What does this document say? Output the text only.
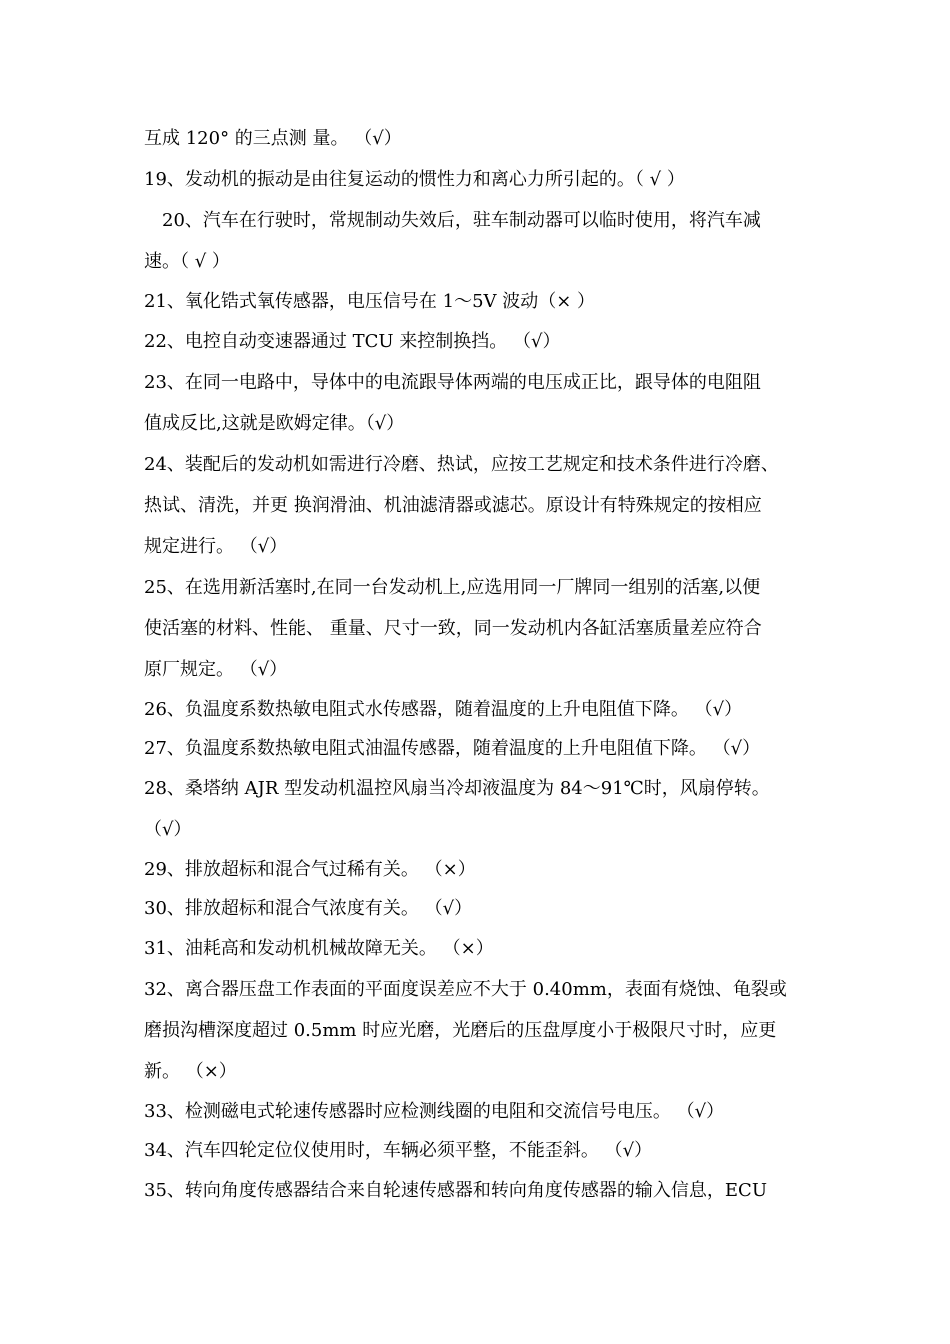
互成 120° 的三点测 量。 （√）
19、发动机的振动是由往复运动的惯性力和离心力所引起的。（ √ ）
20、汽车在行驶时，常规制动失效后，驻车制动器可以临时使用，将汽车减
速。（ √ ）
21、氧化锆式氧传感器，电压信号在 1～5V 波动（× ）
22、电控自动变速器通过 TCU 来控制换挡。 （√）
23、在同一电路中，导体中的电流跟导体两端的电压成正比，跟导体的电阻阻
值成反比,这就是欧姆定律。（√）
24、装配后的发动机如需进行冷磨、热试，应按工艺规定和技术条件进行冷磨、
热试、清洗，并更 换润滑油、机油滤清器或滤芯。原设计有特殊规定的按相应
规定进行。 （√）
25、在选用新活塞时,在同一台发动机上,应选用同一厂牌同一组别的活塞,以便
使活塞的材料、性能、 重量、尺寸一致，同一发动机内各缸活塞质量差应符合
原厂规定。 （√）
26、负温度系数热敏电阻式水传感器，随着温度的上升电阻值下降。 （√）
27、负温度系数热敏电阻式油温传感器，随着温度的上升电阻值下降。 （√）
28、桑塔纳 AJR 型发动机温控风扇当冷却液温度为 84～91℃时，风扇停转。
（√）
29、排放超标和混合气过稀有关。 （×）
30、排放超标和混合气浓度有关。 （√）
31、油耗高和发动机机械故障无关。 （×）
32、离合器压盘工作表面的平面度误差应不大于 0.40mm，表面有烧蚀、龟裂或
磨损沟槽深度超过 0.5mm 时应光磨，光磨后的压盘厚度小于极限尺寸时，应更
新。 （×）
33、检测磁电式轮速传感器时应检测线圈的电阻和交流信号电压。 （√）
34、汽车四轮定位仪使用时，车辆必须平整，不能歪斜。 （√）
35、转向角度传感器结合来自轮速传感器和转向角度传感器的输入信息，ECU
